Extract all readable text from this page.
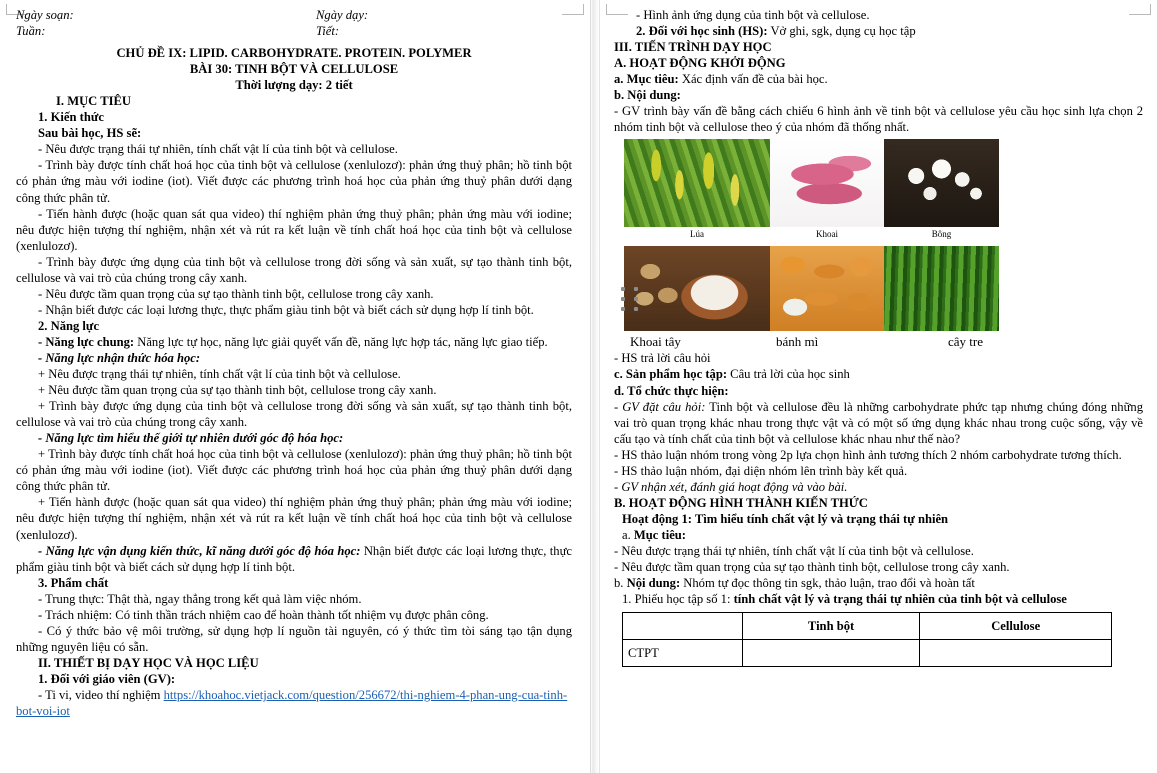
Ngày soạn:	Ngày dạy:
Tuần:	Tiết:

CHỦ ĐỀ IX: LIPID. CARBOHYDRATE. PROTEIN. POLYMER

BÀI 30: TINH BỘT VÀ CELLULOSE

Thời lượng dạy: 2 tiết

I. MỤC TIÊU

1. Kiến thức

Sau bài học, HS sẽ:

- Nêu được trạng thái tự nhiên, tính chất vật lí của tinh bột và cellulose.

- Trình bày được tính chất hoá học của tinh bột và cellulose (xenlulozơ): phản ứng thuỷ phân; hồ tinh bột có phản ứng màu với iodine (iot). Viết được các phương trình hoá học của phản ứng thuỷ phân dưới dạng công thức phân tử.

- Tiến hành được (hoặc quan sát qua video) thí nghiệm phản ứng thuỷ phân; phản ứng màu với iodine; nêu được hiện tượng thí nghiệm, nhận xét và rút ra kết luận về tính chất hoá học của tinh bột và cellulose (xenlulozơ).

- Trình bày được ứng dụng của tinh bột và cellulose trong đời sống và sản xuất, sự tạo thành tinh bột, cellulose và vai trò của chúng trong cây xanh.

- Nêu được tầm quan trọng của sự tạo thành tinh bột, cellulose trong cây xanh.

- Nhận biết được các loại lương thực, thực phẩm giàu tinh bột và biết cách sử dụng hợp lí tinh bột.

2. Năng lực

- Năng lực chung: Năng lực tự học, năng lực giải quyết vấn đề, năng lực hợp tác, năng lực giao tiếp.

- Năng lực nhận thức hóa học:

+ Nêu được trạng thái tự nhiên, tính chất vật lí của tinh bột và cellulose.

+ Nêu được tầm quan trọng của sự tạo thành tinh bột, cellulose trong cây xanh.

+ Trình bày được ứng dụng của tinh bột và cellulose trong đời sống và sản xuất, sự tạo thành tinh bột, cellulose và vai trò của chúng trong cây xanh.

- Năng lực tìm hiểu thế giới tự nhiên dưới góc độ hóa học:

+ Trình bày được tính chất hoá học của tinh bột và cellulose (xenlulozơ): phản ứng thuỷ phân; hồ tinh bột có phản ứng màu với iodine (iot). Viết được các phương trình hoá học của phản ứng thuỷ phân dưới dạng công thức phân tử.

+ Tiến hành được (hoặc quan sát qua video) thí nghiệm phản ứng thuỷ phân; phản ứng màu với iodine; nêu được hiện tượng thí nghiệm, nhận xét và rút ra kết luận về tính chất hoá học của tinh bột và cellulose (xenlulozơ).

- Năng lực vận dụng kiến thức, kĩ năng dưới góc độ hóa học: Nhận biết được các loại lương thực, thực phẩm giàu tinh bột và biết cách sử dụng hợp lí tinh bột.

3. Phẩm chất

- Trung thực: Thật thà, ngay thẳng trong kết quả làm việc nhóm.

- Trách nhiệm: Có tinh thần trách nhiệm cao để hoàn thành tốt nhiệm vụ được phân công.

- Có ý thức bảo vệ môi trường, sử dụng hợp lí nguồn tài nguyên, có ý thức tìm tòi sáng tạo tận dụng những nguyên liệu có sẵn.

II. THIẾT BỊ DẠY HỌC VÀ HỌC LIỆU

1. Đối với giáo viên (GV):

- Ti vi, video thí nghiệm https://khoahoc.vietjack.com/question/256672/thi-nghiem-4-phan-ung-cua-tinh-bot-voi-iot

- Hình ảnh ứng dụng của tinh bột và cellulose.

2. Đối với học sinh (HS): Vở ghi, sgk, dụng cụ học tập

III. TIẾN TRÌNH DẠY HỌC

A. HOẠT ĐỘNG KHỞI ĐỘNG

a. Mục tiêu: Xác định vấn đề của bài học.

b. Nội dung:

- GV trình bày vấn đề bằng cách chiếu 6 hình ảnh về tinh bột và cellulose yêu cầu học sinh lựa chọn 2 nhóm tinh bột và cellulose theo ý của nhóm đã thống nhất.

Lúa	Khoai	Bông
Khoai tây	bánh mì	cây tre

- HS trả lời câu hỏi

c. Sản phẩm học tập: Câu trả lời của học sinh

d. Tổ chức thực hiện:

- GV đặt câu hỏi: Tinh bột và cellulose đều là những carbohydrate phức tạp nhưng chúng đóng những vai trò quan trọng khác nhau trong thực vật và có một số ứng dụng khác nhau trong cuộc sống, vậy về cấu tạo và tính chất của tinh bột và cellulose khác nhau như thế nào?

- HS thảo luận nhóm trong vòng 2p lựa chọn hình ảnh tương thích 2 nhóm carbohydrate tương thích.

- HS thảo luận nhóm, đại diện nhóm lên trình bày kết quả.

- GV nhận xét, đánh giá hoạt động và vào bài.

B. HOẠT ĐỘNG HÌNH THÀNH KIẾN THỨC

Hoạt động 1: Tìm hiểu tính chất vật lý và trạng thái tự nhiên

a. Mục tiêu:

- Nêu được trạng thái tự nhiên, tính chất vật lí của tinh bột và cellulose.

- Nêu được tầm quan trọng của sự tạo thành tinh bột, cellulose trong cây xanh.

b. Nội dung: Nhóm tự đọc thông tin sgk, thảo luận, trao đổi và hoàn tất

1. Phiếu học tập số 1: tính chất vật lý và trạng thái tự nhiên của tinh bột và cellulose

	Tinh bột	Cellulose
CTPT		
